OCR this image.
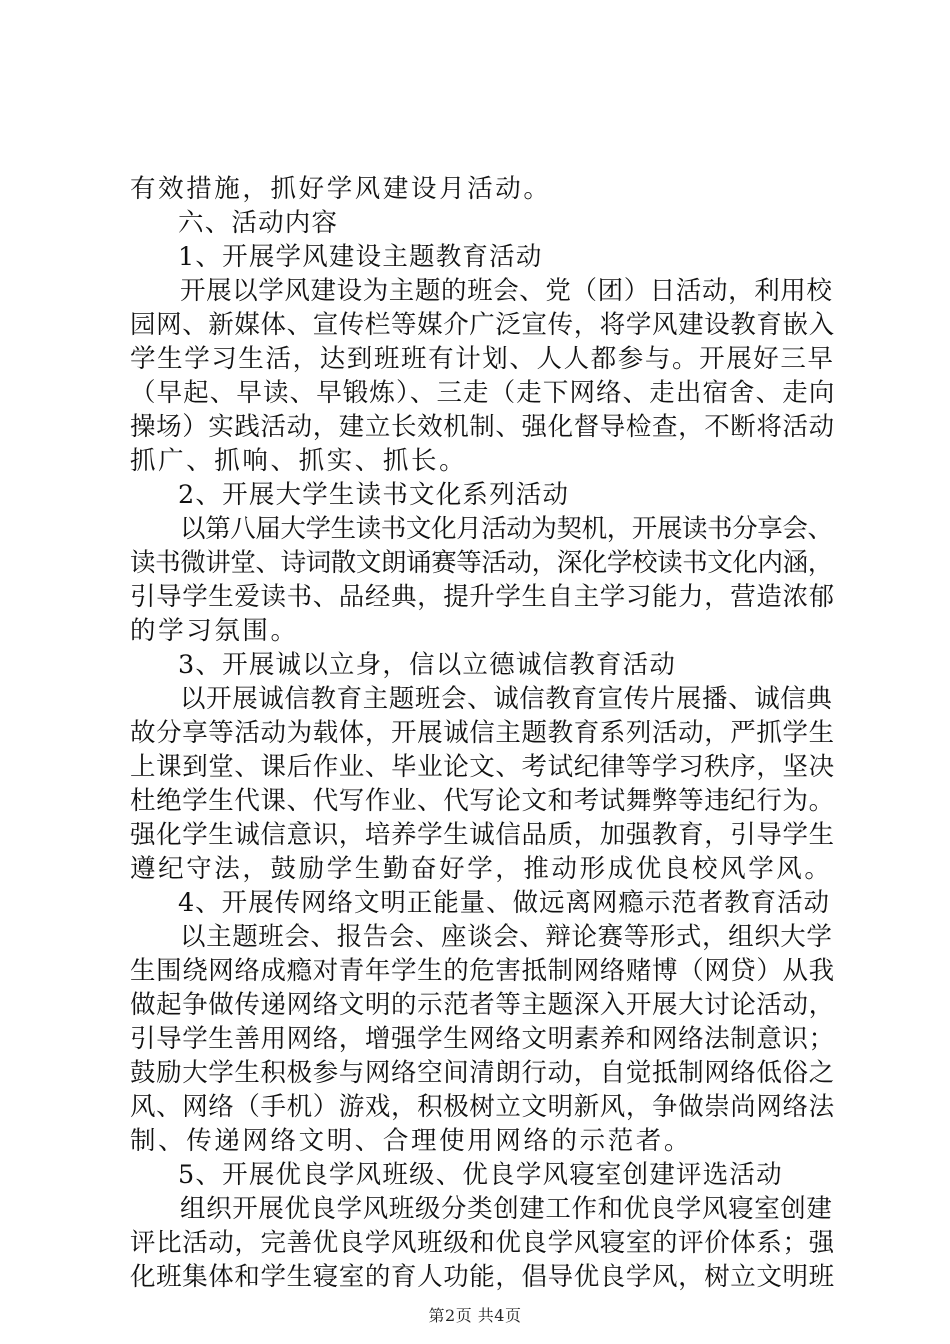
有效措施，抓好学风建设月活动。
六、活动内容
1、开展学风建设主题教育活动
开展以学风建设为主题的班会、党（团）日活动，利用校
园网、新媒体、宣传栏等媒介广泛宣传，将学风建设教育嵌入
学生学习生活，达到班班有计划、人人都参与。开展好三早
（早起、早读、早锻炼）、三走（走下网络、走出宿舍、走向
操场）实践活动，建立长效机制、强化督导检查，不断将活动
抓广、抓响、抓实、抓长。
2、开展大学生读书文化系列活动
以第八届大学生读书文化月活动为契机，开展读书分享会、
读书微讲堂、诗词散文朗诵赛等活动，深化学校读书文化内涵，
引导学生爱读书、品经典，提升学生自主学习能力，营造浓郁
的学习氛围。
3、开展诚以立身，信以立德诚信教育活动
以开展诚信教育主题班会、诚信教育宣传片展播、诚信典
故分享等活动为载体，开展诚信主题教育系列活动，严抓学生
上课到堂、课后作业、毕业论文、考试纪律等学习秩序，坚决
杜绝学生代课、代写作业、代写论文和考试舞弊等违纪行为。
强化学生诚信意识，培养学生诚信品质，加强教育，引导学生
遵纪守法，鼓励学生勤奋好学，推动形成优良校风学风。
4、开展传网络文明正能量、做远离网瘾示范者教育活动
以主题班会、报告会、座谈会、辩论赛等形式，组织大学
生围绕网络成瘾对青年学生的危害抵制网络赌博（网贷）从我
做起争做传递网络文明的示范者等主题深入开展大讨论活动，
引导学生善用网络，增强学生网络文明素养和网络法制意识；
鼓励大学生积极参与网络空间清朗行动，自觉抵制网络低俗之
风、网络（手机）游戏，积极树立文明新风，争做崇尚网络法
制、传递网络文明、合理使用网络的示范者。
5、开展优良学风班级、优良学风寝室创建评选活动
组织开展优良学风班级分类创建工作和优良学风寝室创建
评比活动，完善优良学风班级和优良学风寝室的评价体系；强
化班集体和学生寝室的育人功能，倡导优良学风，树立文明班
第2页 共4页
